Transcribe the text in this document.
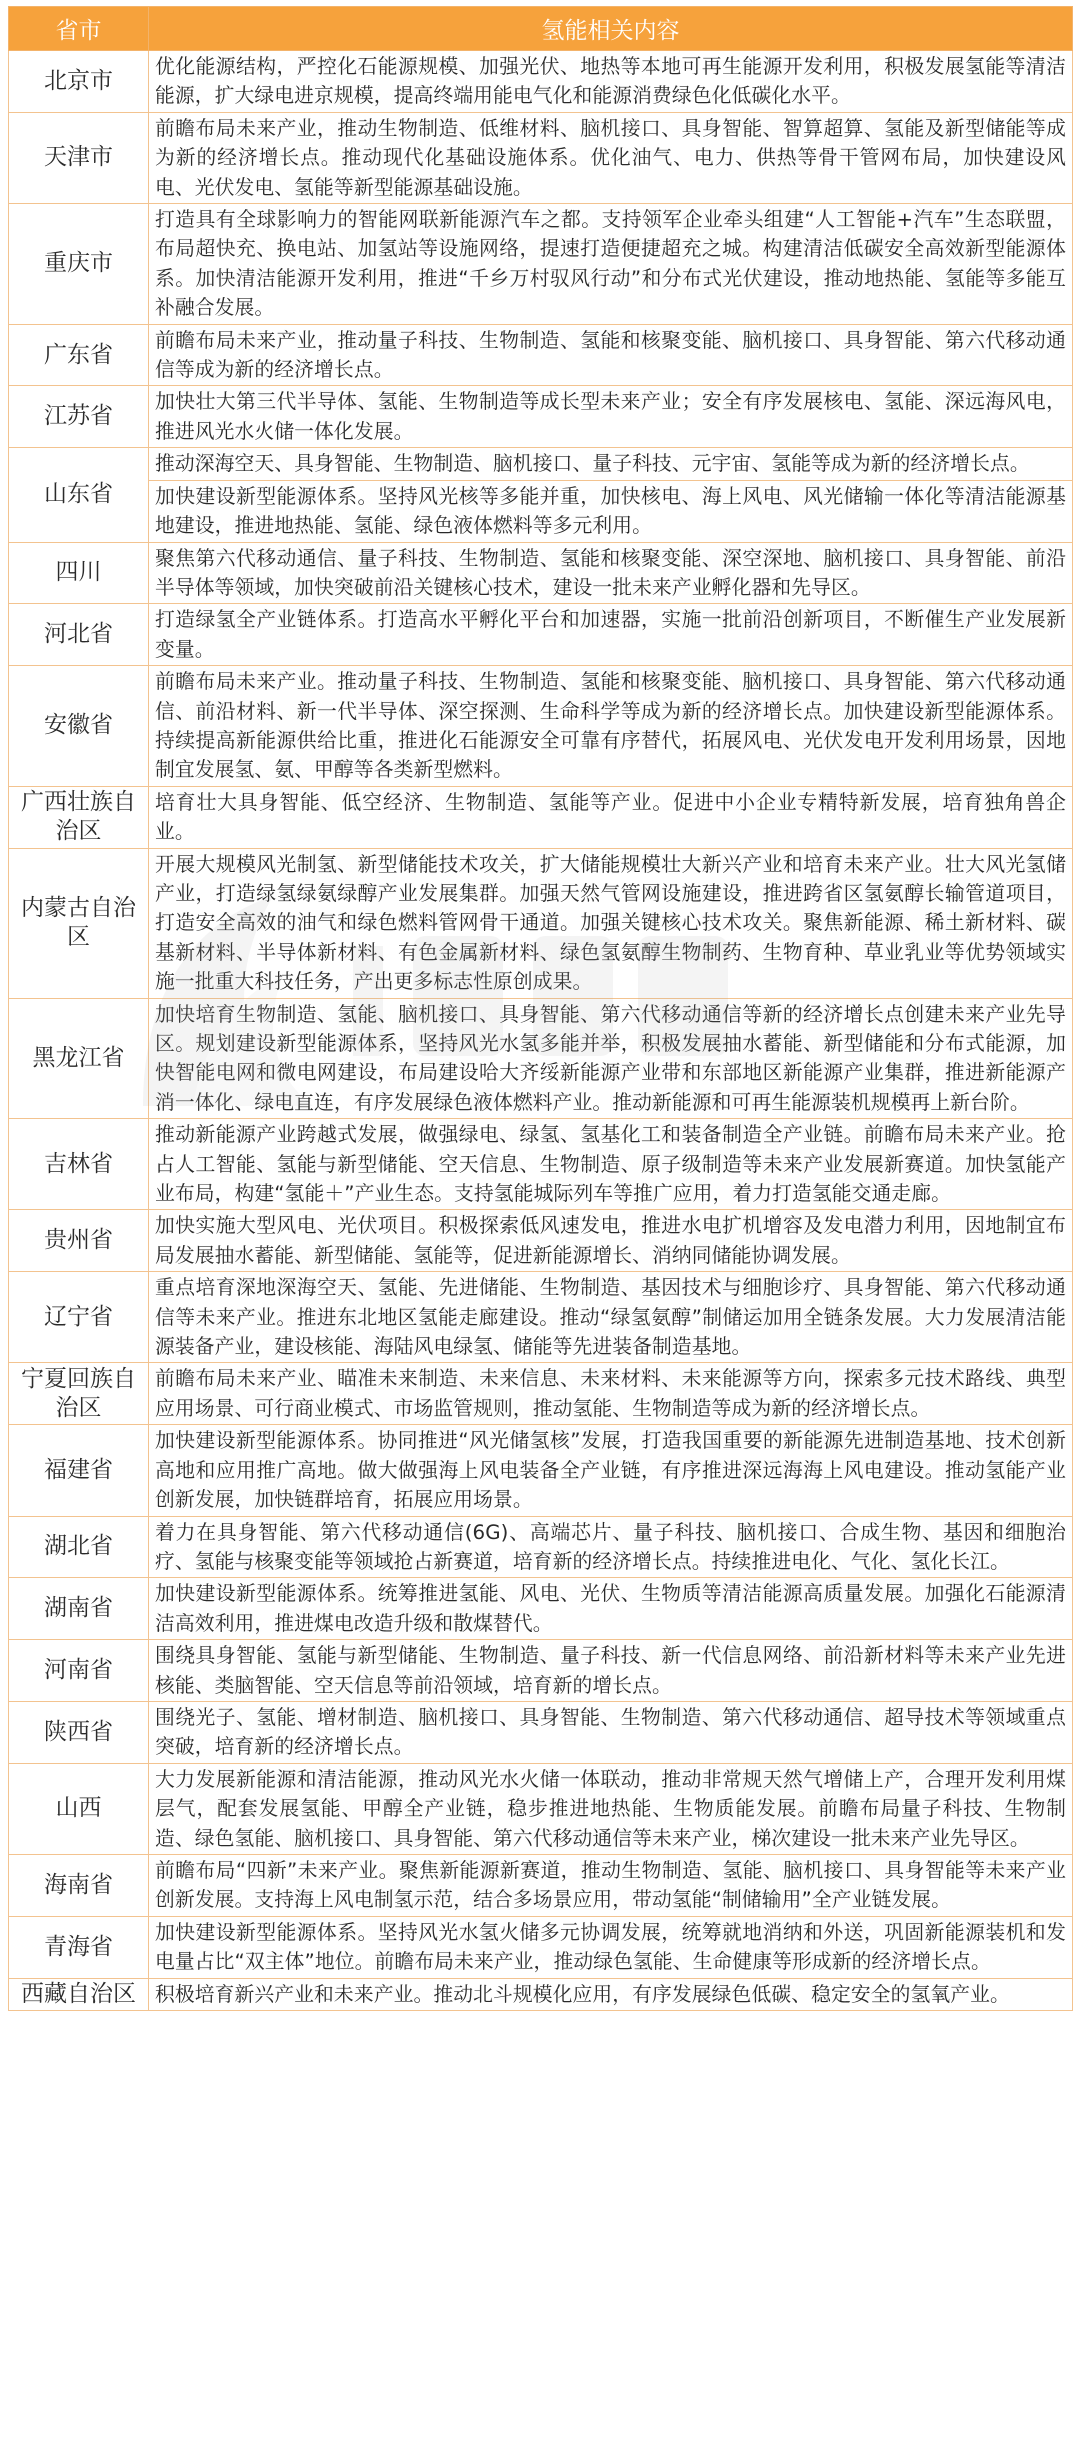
省市	氢能相关内容
北京市	优化能源结构，严控化石能源规模、加强光伏、地热等本地可再生能源开发利用，积极发展氢能等清洁能源，扩大绿电进京规模，提高终端用能电气化和能源消费绿色化低碳化水平。
天津市	前瞻布局未来产业，推动生物制造、低维材料、脑机接口、具身智能、智算超算、氢能及新型储能等成为新的经济增长点。推动现代化基础设施体系。优化油气、电力、供热等骨干管网布局，加快建设风电、光伏发电、氢能等新型能源基础设施。
重庆市	打造具有全球影响力的智能网联新能源汽车之都。支持领军企业牵头组建“人工智能+汽车”生态联盟，布局超快充、换电站、加氢站等设施网络，提速打造便捷超充之城。构建清洁低碳安全高效新型能源体系。加快清洁能源开发利用，推进“千乡万村驭风行动”和分布式光伏建设，推动地热能、氢能等多能互补融合发展。
广东省	前瞻布局未来产业，推动量子科技、生物制造、氢能和核聚变能、脑机接口、具身智能、第六代移动通信等成为新的经济增长点。
江苏省	加快壮大第三代半导体、氢能、生物制造等成长型未来产业；安全有序发展核电、氢能、深远海风电，推进风光水火储一体化发展。
山东省	推动深海空天、具身智能、生物制造、脑机接口、量子科技、元宇宙、氢能等成为新的经济增长点。
	加快建设新型能源体系。坚持风光核等多能并重，加快核电、海上风电、风光储输一体化等清洁能源基地建设，推进地热能、氢能、绿色液体燃料等多元利用。
四川	聚焦第六代移动通信、量子科技、生物制造、氢能和核聚变能、深空深地、脑机接口、具身智能、前沿半导体等领域，加快突破前沿关键核心技术，建设一批未来产业孵化器和先导区。
河北省	打造绿氢全产业链体系。打造高水平孵化平台和加速器，实施一批前沿创新项目，不断催生产业发展新变量。
安徽省	前瞻布局未来产业。推动量子科技、生物制造、氢能和核聚变能、脑机接口、具身智能、第六代移动通信、前沿材料、新一代半导体、深空探测、生命科学等成为新的经济增长点。加快建设新型能源体系。持续提高新能源供给比重，推进化石能源安全可靠有序替代，拓展风电、光伏发电开发利用场景，因地制宜发展氢、氨、甲醇等各类新型燃料。
广西壮族自治区	培育壮大具身智能、低空经济、生物制造、氢能等产业。促进中小企业专精特新发展，培育独角兽企业。
内蒙古自治区	开展大规模风光制氢、新型储能技术攻关，扩大储能规模壮大新兴产业和培育未来产业。壮大风光氢储产业，打造绿氢绿氨绿醇产业发展集群。加强天然气管网设施建设，推进跨省区氢氨醇长输管道项目，打造安全高效的油气和绿色燃料管网骨干通道。加强关键核心技术攻关。聚焦新能源、稀土新材料、碳基新材料、半导体新材料、有色金属新材料、绿色氢氨醇生物制药、生物育种、草业乳业等优势领域实施一批重大科技任务，产出更多标志性原创成果。
黑龙江省	加快培育生物制造、氢能、脑机接口、具身智能、第六代移动通信等新的经济增长点创建未来产业先导区。规划建设新型能源体系，坚持风光水氢多能并举，积极发展抽水蓄能、新型储能和分布式能源，加快智能电网和微电网建设，布局建设哈大齐绥新能源产业带和东部地区新能源产业集群，推进新能源产消一体化、绿电直连，有序发展绿色液体燃料产业。推动新能源和可再生能源装机规模再上新台阶。
吉林省	推动新能源产业跨越式发展，做强绿电、绿氢、氢基化工和装备制造全产业链。前瞻布局未来产业。抢占人工智能、氢能与新型储能、空天信息、生物制造、原子级制造等未来产业发展新赛道。加快氢能产业布局，构建“氢能＋”产业生态。支持氢能城际列车等推广应用，着力打造氢能交通走廊。
贵州省	加快实施大型风电、光伏项目。积极探索低风速发电，推进水电扩机增容及发电潜力利用，因地制宜布局发展抽水蓄能、新型储能、氢能等，促进新能源增长、消纳同储能协调发展。
辽宁省	重点培育深地深海空天、氢能、先进储能、生物制造、基因技术与细胞诊疗、具身智能、第六代移动通信等未来产业。推进东北地区氢能走廊建设。推动“绿氢氨醇”制储运加用全链条发展。大力发展清洁能源装备产业，建设核能、海陆风电绿氢、储能等先进装备制造基地。
宁夏回族自治区	前瞻布局未来产业、瞄准未来制造、未来信息、未来材料、未来能源等方向，探索多元技术路线、典型应用场景、可行商业模式、市场监管规则，推动氢能、生物制造等成为新的经济增长点。
福建省	加快建设新型能源体系。协同推进“风光储氢核”发展，打造我国重要的新能源先进制造基地、技术创新高地和应用推广高地。做大做强海上风电装备全产业链，有序推进深远海海上风电建设。推动氢能产业创新发展，加快链群培育，拓展应用场景。
湖北省	着力在具身智能、第六代移动通信(6G)、高端芯片、量子科技、脑机接口、合成生物、基因和细胞治疗、氢能与核聚变能等领域抢占新赛道，培育新的经济增长点。持续推进电化、气化、氢化长江。
湖南省	加快建设新型能源体系。统筹推进氢能、风电、光伏、生物质等清洁能源高质量发展。加强化石能源清洁高效利用，推进煤电改造升级和散煤替代。
河南省	围绕具身智能、氢能与新型储能、生物制造、量子科技、新一代信息网络、前沿新材料等未来产业先进核能、类脑智能、空天信息等前沿领域，培育新的增长点。
陕西省	围绕光子、氢能、增材制造、脑机接口、具身智能、生物制造、第六代移动通信、超导技术等领域重点突破，培育新的经济增长点。
山西	大力发展新能源和清洁能源，推动风光水火储一体联动，推动非常规天然气增储上产，合理开发利用煤层气，配套发展氢能、甲醇全产业链，稳步推进地热能、生物质能发展。前瞻布局量子科技、生物制造、绿色氢能、脑机接口、具身智能、第六代移动通信等未来产业，梯次建设一批未来产业先导区。
海南省	前瞻布局“四新”未来产业。聚焦新能源新赛道，推动生物制造、氢能、脑机接口、具身智能等未来产业创新发展。支持海上风电制氢示范，结合多场景应用，带动氢能“制储输用”全产业链发展。
青海省	加快建设新型能源体系。坚持风光水氢火储多元协调发展，统筹就地消纳和外送，巩固新能源装机和发电量占比“双主体”地位。前瞻布局未来产业，推动绿色氢能、生命健康等形成新的经济增长点。
西藏自治区	积极培育新兴产业和未来产业。推动北斗规模化应用，有序发展绿色低碳、稳定安全的氢氧产业。
